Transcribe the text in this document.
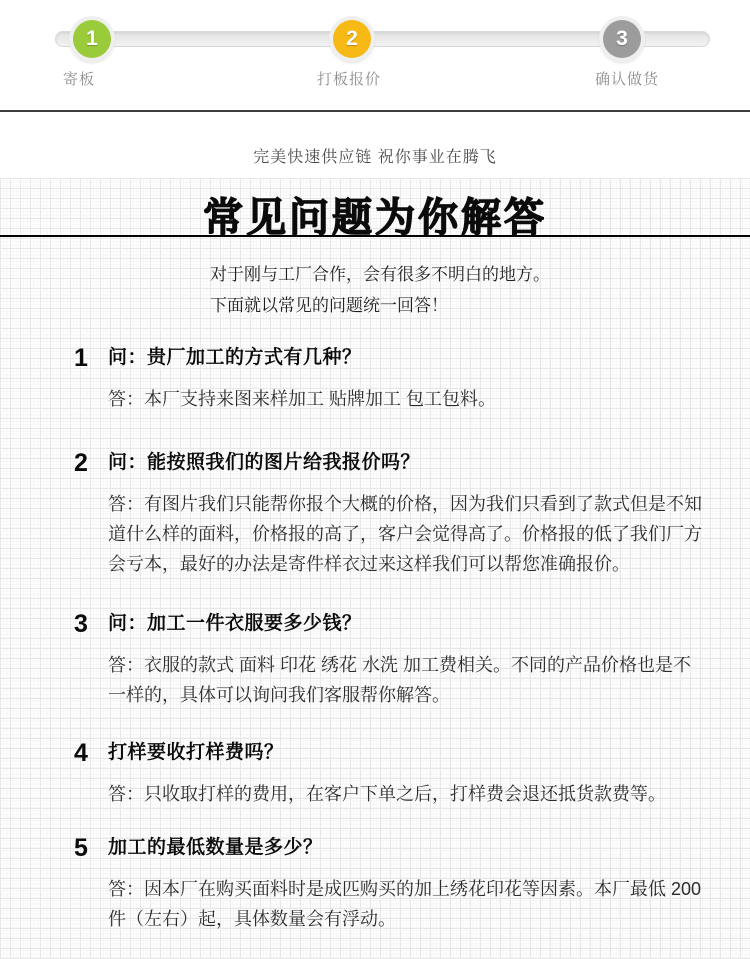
1	2	3
寄板	打板报价	确认做货
完美快速供应链 祝你事业在腾飞
常见问题为你解答
对于刚与工厂合作，会有很多不明白的地方。
下面就以常见的问题统一回答！
1	问：贵厂加工的方式有几种？
答：本厂支持来图来样加工 贴牌加工 包工包料。
2	问：能按照我们的图片给我报价吗？
答：有图片我们只能帮你报个大概的价格，因为我们只看到了款式但是不知道什么样的面料，价格报的高了，客户会觉得高了。价格报的低了我们厂方会亏本，最好的办法是寄件样衣过来这样我们可以帮您准确报价。
3	问：加工一件衣服要多少钱？
答：衣服的款式 面料 印花 绣花 水洗 加工费相关。不同的产品价格也是不一样的，具体可以询问我们客服帮你解答。
4	打样要收打样费吗？
答：只收取打样的费用，在客户下单之后，打样费会退还抵货款费等。
5	加工的最低数量是多少？
答：因本厂在购买面料时是成匹购买的加上绣花印花等因素。本厂最低 200 件（左右）起，具体数量会有浮动。
